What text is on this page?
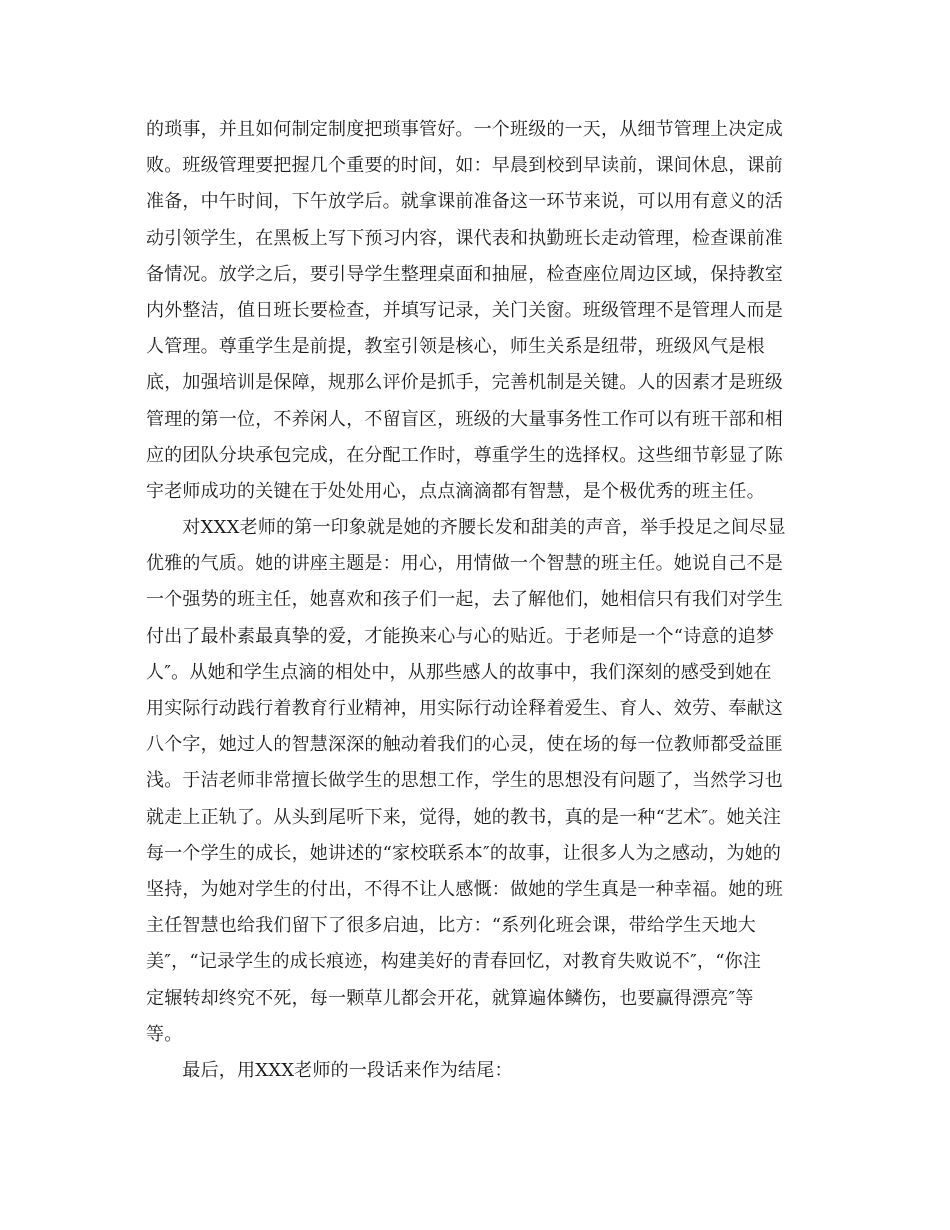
的琐事，并且如何制定制度把琐事管好。一个班级的一天，从细节管理上决定成
败。班级管理要把握几个重要的时间，如：早晨到校到早读前，课间休息，课前
准备，中午时间，下午放学后。就拿课前准备这一环节来说，可以用有意义的活
动引领学生，在黑板上写下预习内容，课代表和执勤班长走动管理，检查课前准
备情况。放学之后，要引导学生整理桌面和抽屉，检查座位周边区域，保持教室
内外整洁，值日班长要检查，并填写记录，关门关窗。班级管理不是管理人而是
人管理。尊重学生是前提，教室引领是核心，师生关系是纽带，班级风气是根
底，加强培训是保障，规那么评价是抓手，完善机制是关键。人的因素才是班级
管理的第一位，不养闲人，不留盲区，班级的大量事务性工作可以有班干部和相
应的团队分块承包完成，在分配工作时，尊重学生的选择权。这些细节彰显了陈
宇老师成功的关键在于处处用心，点点滴滴都有智慧，是个极优秀的班主任。
　　对XXX老师的第一印象就是她的齐腰长发和甜美的声音，举手投足之间尽显
优雅的气质。她的讲座主题是：用心，用情做一个智慧的班主任。她说自己不是
一个强势的班主任，她喜欢和孩子们一起，去了解他们，她相信只有我们对学生
付出了最朴素最真挚的爱，才能换来心与心的贴近。于老师是一个“诗意的追梦
人″。从她和学生点滴的相处中，从那些感人的故事中，我们深刻的感受到她在
用实际行动践行着教育行业精神，用实际行动诠释着爱生、育人、效劳、奉献这
八个字，她过人的智慧深深的触动着我们的心灵，使在场的每一位教师都受益匪
浅。于洁老师非常擅长做学生的思想工作，学生的思想没有问题了，当然学习也
就走上正轨了。从头到尾听下来，觉得，她的教书，真的是一种“艺术″。她关注
每一个学生的成长，她讲述的“家校联系本″的故事，让很多人为之感动，为她的
坚持，为她对学生的付出，不得不让人感慨：做她的学生真是一种幸福。她的班
主任智慧也给我们留下了很多启迪，比方：“系列化班会课，带给学生天地大
美″，“记录学生的成长痕迹，构建美好的青春回忆，对教育失败说不″，“你注
定辗转却终究不死，每一颗草儿都会开花，就算遍体鳞伤，也要赢得漂亮″等
等。
　　最后，用XXX老师的一段话来作为结尾：
